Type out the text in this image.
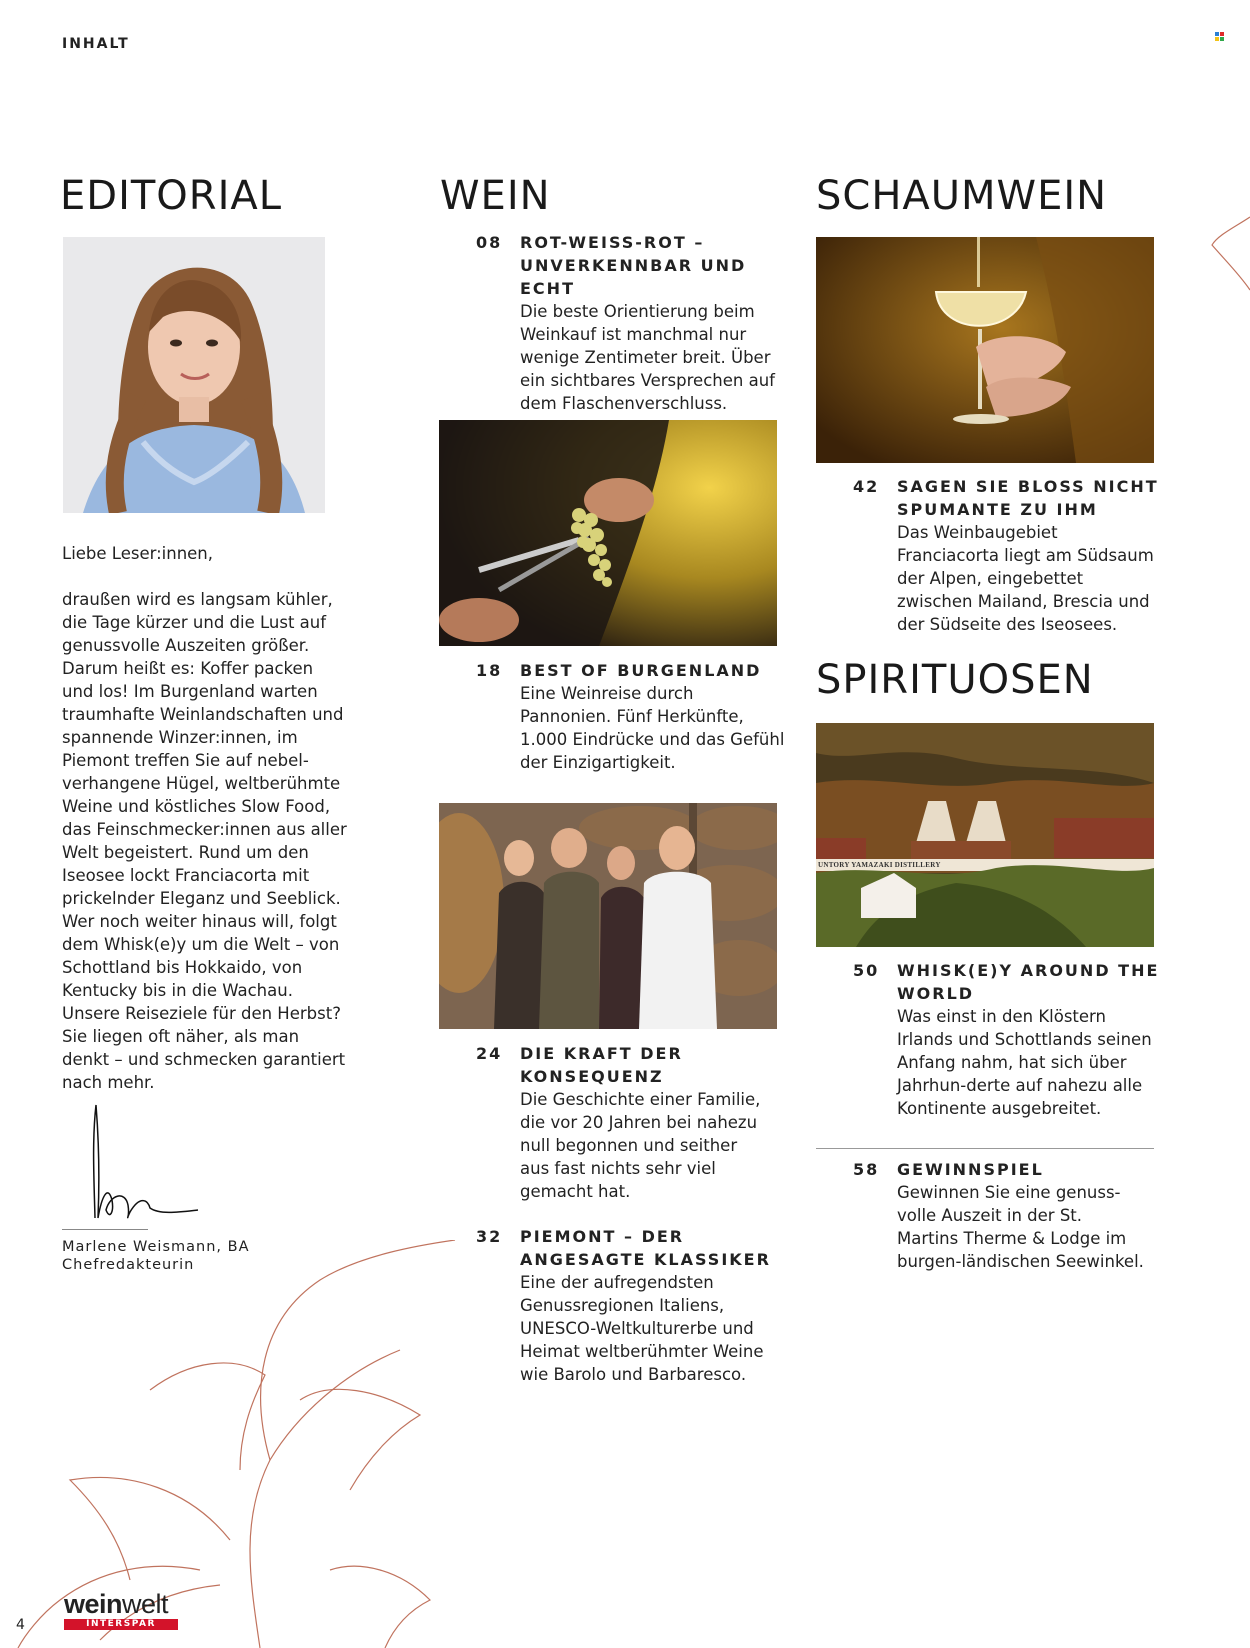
INHALT
EDITORIAL

Liebe Leser:innen,

draußen wird es langsam kühler, die Tage kürzer und die Lust auf genussvolle Auszeiten größer. Darum heißt es: Koffer packen und los! Im Burgenland warten traumhafte Weinlandschaften und spannende Winzer:innen, im Piemont treffen Sie auf nebel-verhangene Hügel, weltberühmte Weine und köstliches Slow Food, das Feinschmecker:innen aus aller Welt begeistert. Rund um den Iseosee lockt Franciacorta mit prickelnder Eleganz und Seeblick. Wer noch weiter hinaus will, folgt dem Whisk(e)y um die Welt – von Schottland bis Hokkaido, von Kentucky bis in die Wachau. Unsere Reiseziele für den Herbst? Sie liegen oft näher, als man denkt – und schmecken garantiert nach mehr.

Marlene Weismann, BA
Chefredakteurin
WEIN
08 ROT-WEISS-ROT – UNVERKENNBAR UND ECHT
Die beste Orientierung beim Weinkauf ist manchmal nur wenige Zentimeter breit. Über ein sichtbares Versprechen auf dem Flaschenverschluss.
18 BEST OF BURGENLAND
Eine Weinreise durch Pannonien. Fünf Herkünfte, 1.000 Eindrücke und das Gefühl der Einzigartigkeit.
24 DIE KRAFT DER KONSEQUENZ
Die Geschichte einer Familie, die vor 20 Jahren bei nahezu null begonnen und seither aus fast nichts sehr viel gemacht hat.
32 PIEMONT – DER ANGESAGTE KLASSIKER
Eine der aufregendsten Genussregionen Italiens, UNESCO-Weltkulturerbe und Heimat weltberühmter Weine wie Barolo und Barbaresco.
SCHAUMWEIN
42 SAGEN SIE BLOSS NICHT SPUMANTE ZU IHM
Das Weinbaugebiet Franciacorta liegt am Südsaum der Alpen, eingebettet zwischen Mailand, Brescia und der Südseite des Iseosees.
SPIRITUOSEN
UNTORY YAMAZAKI DISTILLERY
50 WHISK(E)Y AROUND THE WORLD
Was einst in den Klöstern Irlands und Schottlands seinen Anfang nahm, hat sich über Jahrhun-derte auf nahezu alle Kontinente ausgebreitet.
58 GEWINNSPIEL
Gewinnen Sie eine genuss-volle Auszeit in der St. Martins Therme & Lodge im burgen-ländischen Seewinkel.
weinwelt
INTERSPAR
4
